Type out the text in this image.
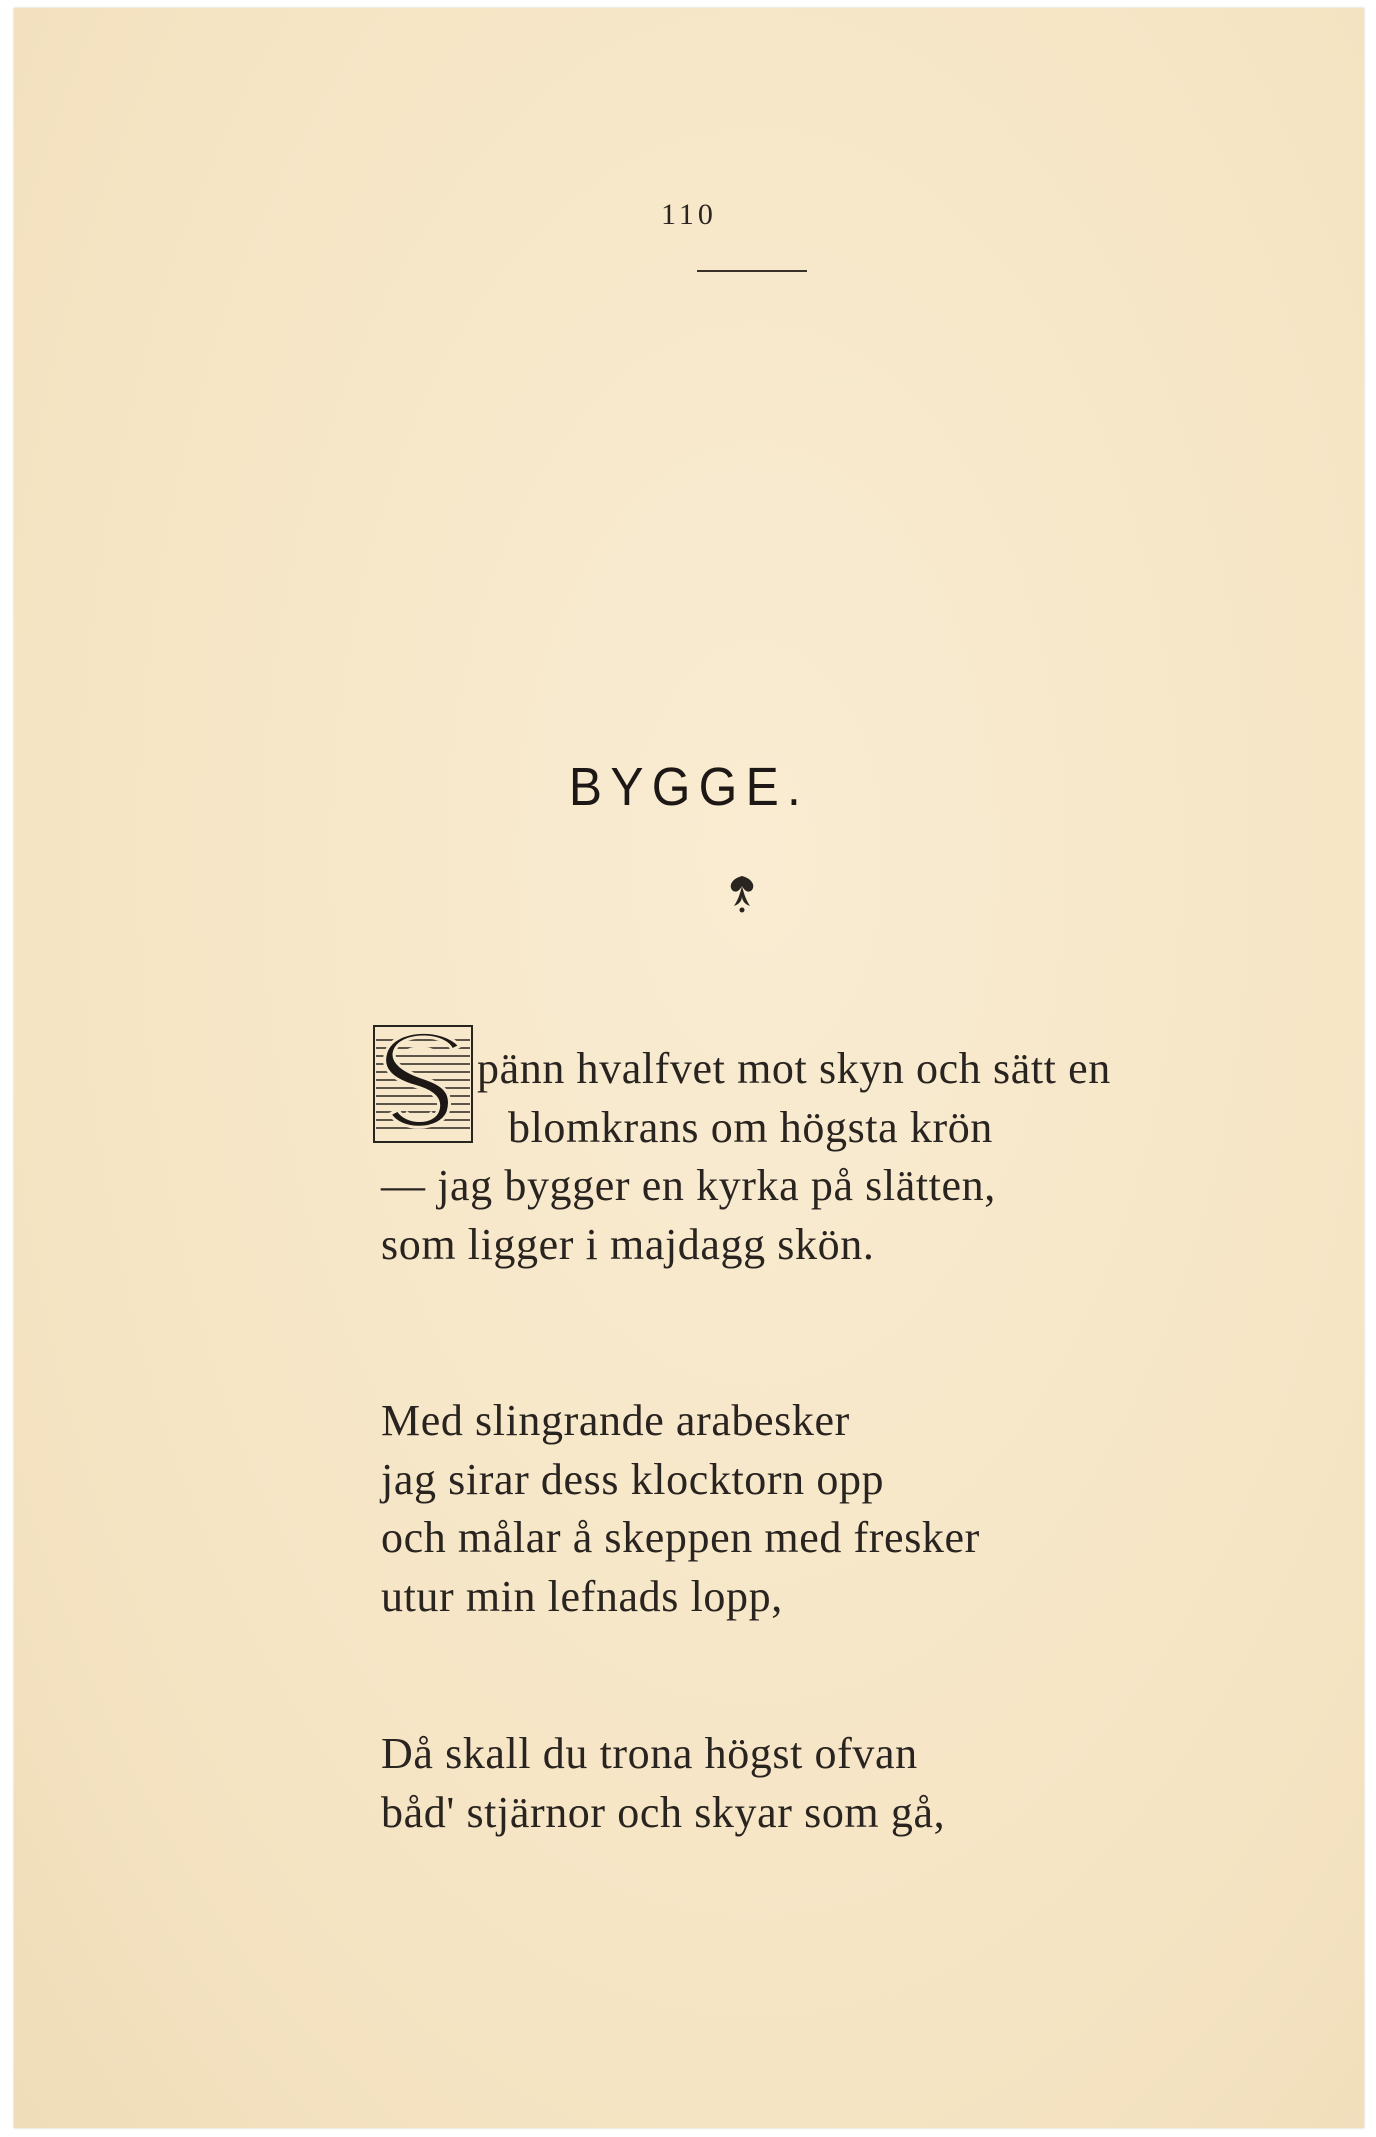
110
BYGGE.
pänn hvalfvet mot skyn och sätt en
blomkrans om högsta krön
— jag bygger en kyrka på slätten,
som ligger i majdagg skön.
Med slingrande arabesker
jag sirar dess klocktorn opp
och målar å skeppen med fresker
utur min lefnads lopp,
Då skall du trona högst ofvan
båd' stjärnor och skyar som gå,
